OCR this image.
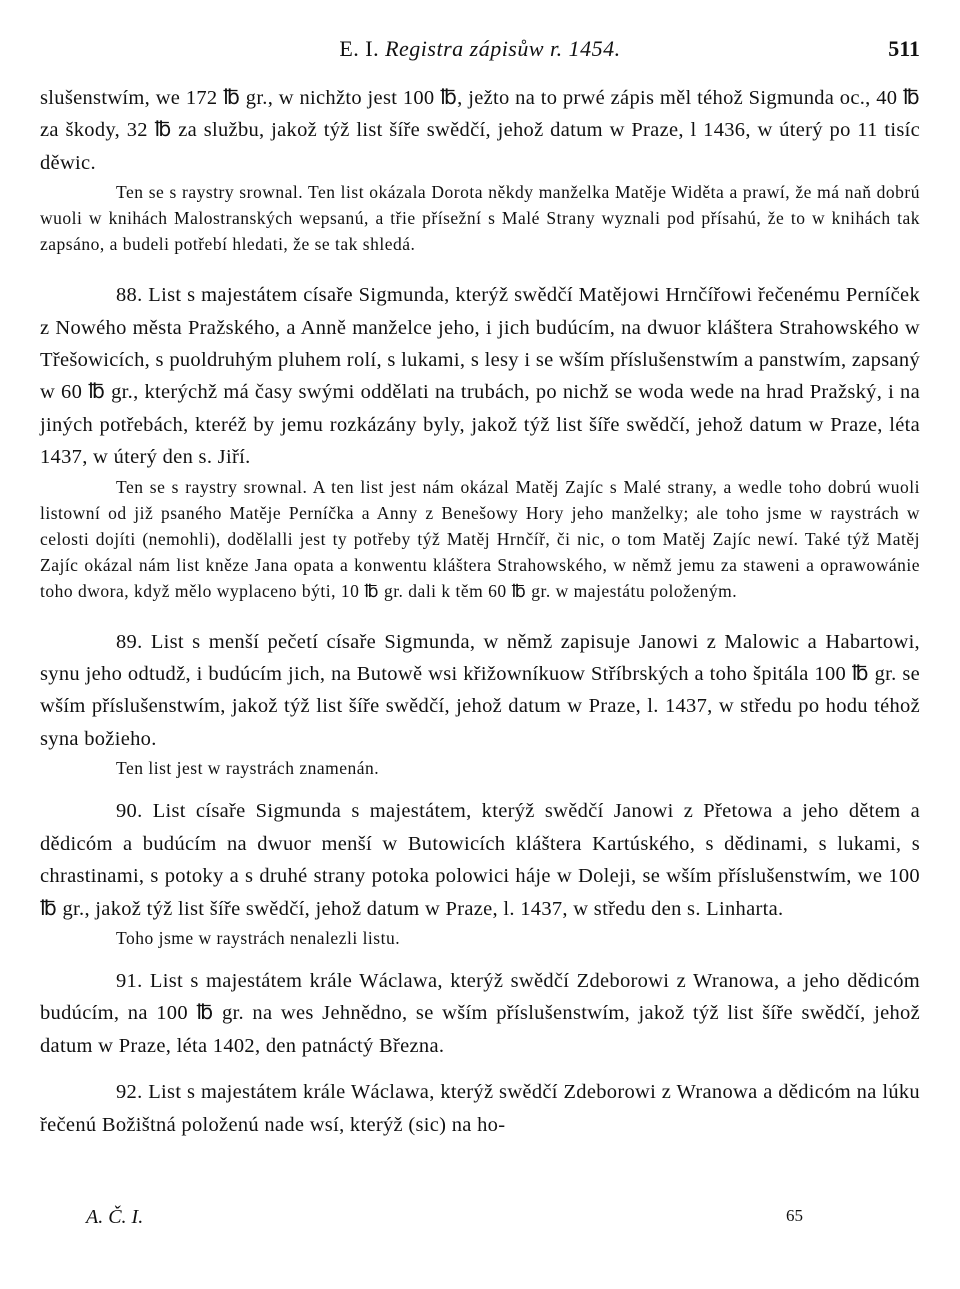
E. I. Registra zápisůw r. 1454.	511

slušenstwím, we 172 ℔ gr., w nichžto jest 100 ℔, ježto na to prwé zápis měl téhož Sigmunda oc., 40 ℔ za škody, 32 ℔ za službu, jakož týž list šíře swědčí, jehož datum w Praze, l 1436, w úterý po 11 tisíc děwic.

Ten se s raystry srownal. Ten list okázala Dorota někdy manželka Matěje Widěta a prawí, že má naň dobrú wuoli w knihách Malostranských wepsanú, a třie přísežní s Malé Strany wyznali pod přísahú, že to w knihách tak zapsáno, a budeli potřebí hledati, že se tak shledá.

88. List s majestátem císaře Sigmunda, kterýž swědčí Matějowi Hrnčířowi řečenému Perníček z Nowého města Pražského, a Anně manželce jeho, i jich budúcím, na dwuor kláštera Strahowského w Třešowicích, s puoldruhým pluhem rolí, s lukami, s lesy i se wším příslušenstwím a panstwím, zapsaný w 60 ℔ gr., kterýchž má časy swými oddělati na trubách, po nichž se woda wede na hrad Pražský, i na jiných potřebách, kteréž by jemu rozkázány byly, jakož týž list šíře swědčí, jehož datum w Praze, léta 1437, w úterý den s. Jiří.

Ten se s raystry srownal. A ten list jest nám okázal Matěj Zajíc s Malé strany, a wedle toho dobrú wuoli listowní od již psaného Matěje Perníčka a Anny z Benešowy Hory jeho manželky; ale toho jsme w raystrách w celosti dojíti (nemohli), dodělalli jest ty potřeby týž Matěj Hrnčíř, či nic, o tom Matěj Zajíc newí. Také týž Matěj Zajíc okázal nám list kněze Jana opata a konwentu kláštera Strahowského, w němž jemu za staweni a oprawowánie toho dwora, když mělo wyplaceno býti, 10 ℔ gr. dali k těm 60 ℔ gr. w majestátu položeným.

89. List s menší pečetí císaře Sigmunda, w němž zapisuje Janowi z Malowic a Habartowi, synu jeho odtudž, i budúcím jich, na Butowě wsi křižowníkuow Stříbrských a toho špitála 100 ℔ gr. se wším příslušenstwím, jakož týž list šíře swědčí, jehož datum w Praze, l. 1437, w středu po hodu téhož syna božieho.

Ten list jest w raystrách znamenán.

90. List císaře Sigmunda s majestátem, kterýž swědčí Janowi z Přetowa a jeho dětem a dědicóm a budúcím na dwuor menší w Butowicích kláštera Kartúského, s dědinami, s lukami, s chrastinami, s potoky a s druhé strany potoka polowici háje w Doleji, se wším příslušenstwím, we 100 ℔ gr., jakož týž list šíře swědčí, jehož datum w Praze, l. 1437, w středu den s. Linharta.

Toho jsme w raystrách nenalezli listu.

91. List s majestátem krále Wáclawa, kterýž swědčí Zdeborowi z Wranowa, a jeho dědicóm budúcím, na 100 ℔ gr. na wes Jehnědno, se wším příslušenstwím, jakož týž list šíře swědčí, jehož datum w Praze, léta 1402, den patnáctý Března.

92. List s majestátem krále Wáclawa, kterýž swědčí Zdeborowi z Wranowa a dědicóm na lúku řečenú Božištná položenú nade wsí, kterýž (sic) na ho-

A. Č. I.	65
